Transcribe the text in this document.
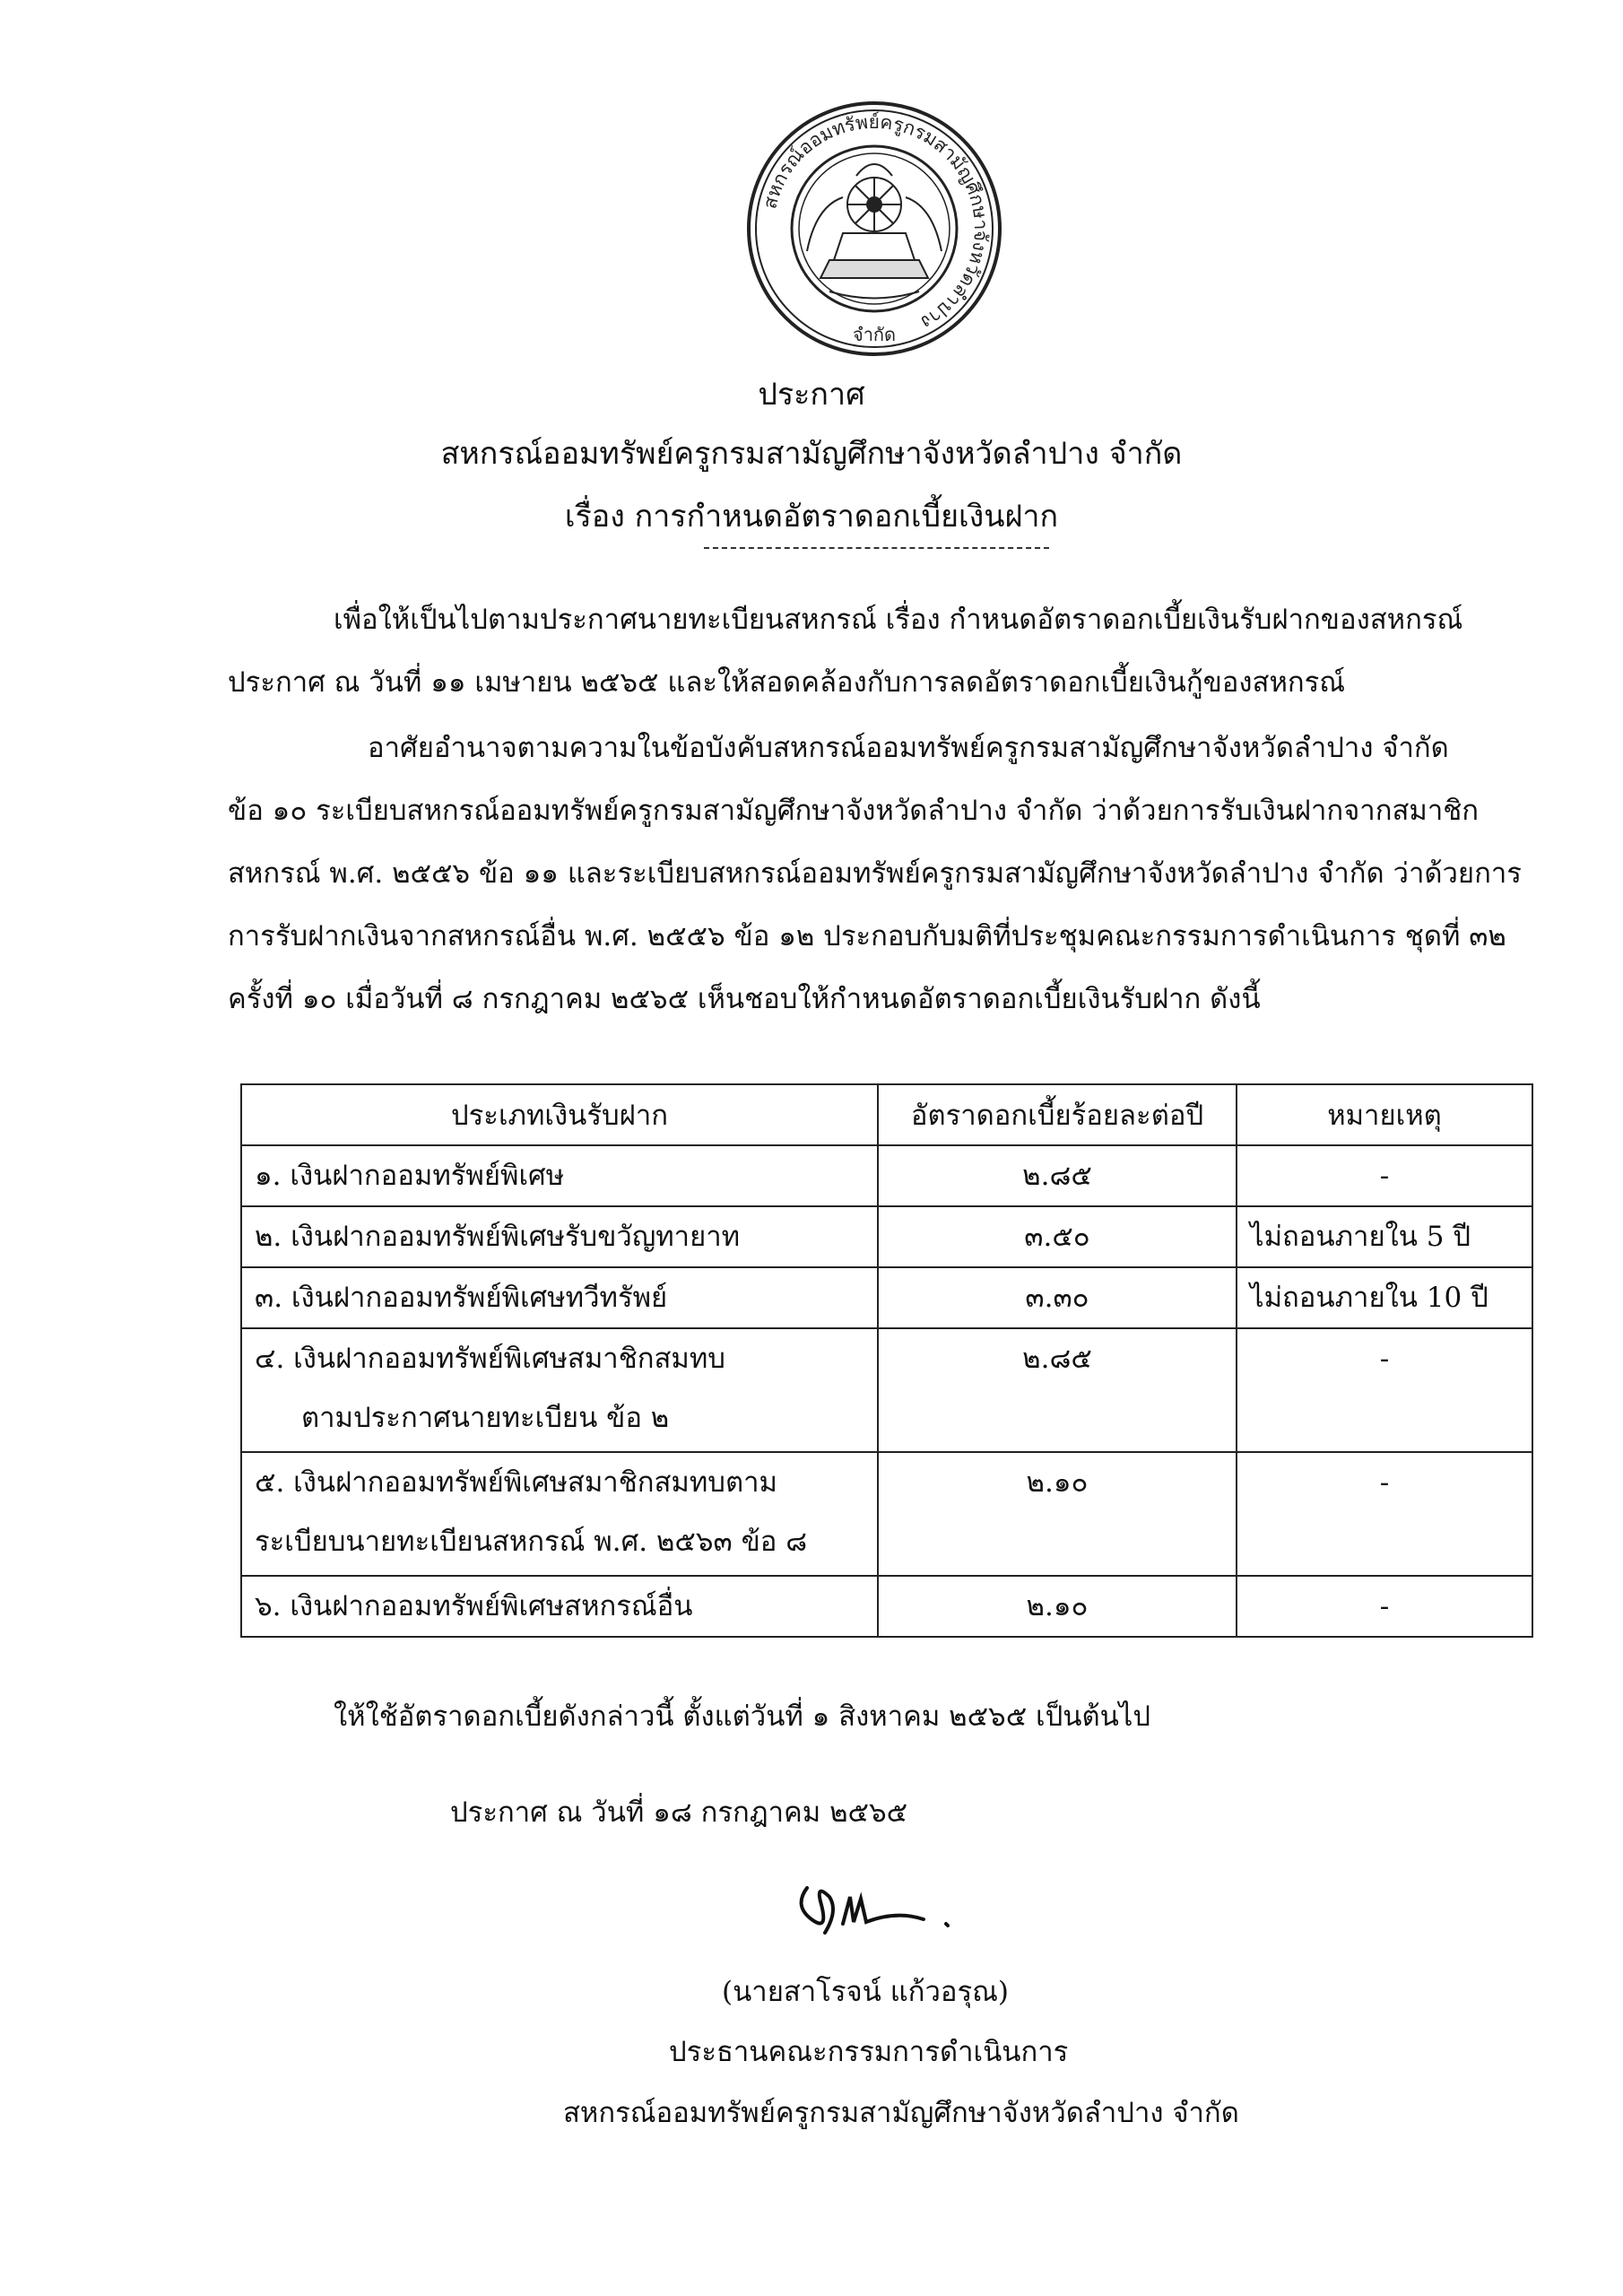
สหกรณ์ออมทรัพย์ครูกรมสามัญศึกษาจังหวัดลำปาง
จำกัด
ประกาศ
สหกรณ์ออมทรัพย์ครูกรมสามัญศึกษาจังหวัดลำปาง จำกัด
เรื่อง การกำหนดอัตราดอกเบี้ยเงินฝาก
เพื่อให้เป็นไปตามประกาศนายทะเบียนสหกรณ์ เรื่อง กำหนดอัตราดอกเบี้ยเงินรับฝากของสหกรณ์
ประกาศ ณ วันที่ ๑๑ เมษายน ๒๕๖๕ และให้สอดคล้องกับการลดอัตราดอกเบี้ยเงินกู้ของสหกรณ์
อาศัยอำนาจตามความในข้อบังคับสหกรณ์ออมทรัพย์ครูกรมสามัญศึกษาจังหวัดลำปาง จำกัด
ข้อ ๑๐ ระเบียบสหกรณ์ออมทรัพย์ครูกรมสามัญศึกษาจังหวัดลำปาง จำกัด ว่าด้วยการรับเงินฝากจากสมาชิก
สหกรณ์ พ.ศ. ๒๕๕๖ ข้อ ๑๑ และระเบียบสหกรณ์ออมทรัพย์ครูกรมสามัญศึกษาจังหวัดลำปาง จำกัด ว่าด้วยการ
การรับฝากเงินจากสหกรณ์อื่น พ.ศ. ๒๕๕๖ ข้อ ๑๒ ประกอบกับมติที่ประชุมคณะกรรมการดำเนินการ ชุดที่ ๓๒
ครั้งที่ ๑๐ เมื่อวันที่ ๘ กรกฎาคม ๒๕๖๕ เห็นชอบให้กำหนดอัตราดอกเบี้ยเงินรับฝาก ดังนี้
ประเภทเงินรับฝาก	อัตราดอกเบี้ยร้อยละต่อปี	หมายเหตุ
๑. เงินฝากออมทรัพย์พิเศษ	๒.๘๕	-
๒. เงินฝากออมทรัพย์พิเศษรับขวัญทายาท	๓.๕๐	ไม่ถอนภายใน 5 ปี
๓. เงินฝากออมทรัพย์พิเศษทวีทรัพย์	๓.๓๐	ไม่ถอนภายใน 10 ปี

๔. เงินฝากออมทรัพย์พิเศษสมาชิกสมทบ
ตามประกาศนายทะเบียน ข้อ ๒	๒.๘๕	-

๕. เงินฝากออมทรัพย์พิเศษสมาชิกสมทบตาม
ระเบียบนายทะเบียนสหกรณ์ พ.ศ. ๒๕๖๓ ข้อ ๘	๒.๑๐	-
๖. เงินฝากออมทรัพย์พิเศษสหกรณ์อื่น	๒.๑๐	-
ให้ใช้อัตราดอกเบี้ยดังกล่าวนี้ ตั้งแต่วันที่ ๑ สิงหาคม ๒๕๖๕ เป็นต้นไป
ประกาศ ณ วันที่ ๑๘ กรกฎาคม ๒๕๖๕
(นายสาโรจน์ แก้วอรุณ)
ประธานคณะกรรมการดำเนินการ
สหกรณ์ออมทรัพย์ครูกรมสามัญศึกษาจังหวัดลำปาง จำกัด
